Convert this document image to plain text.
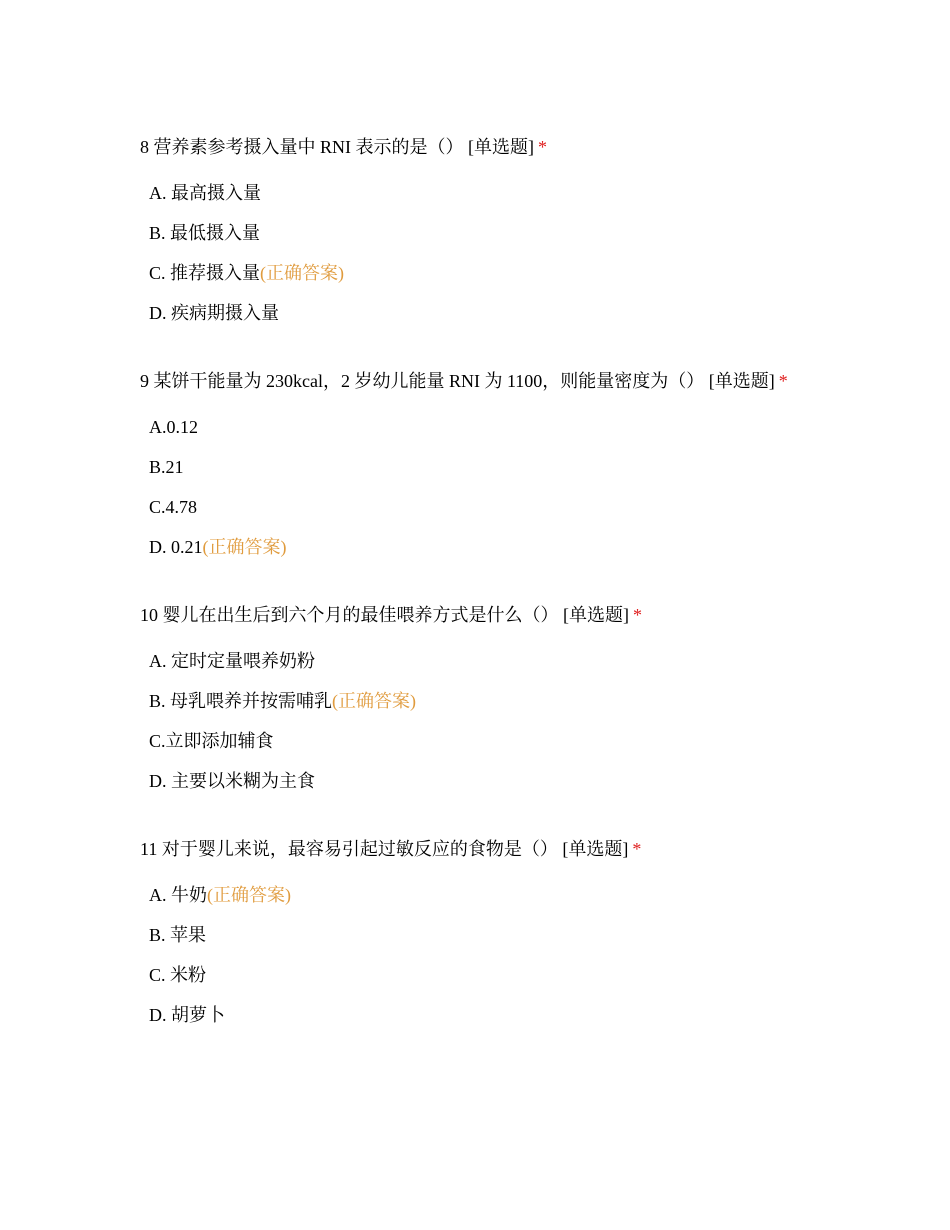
8 营养素参考摄入量中 RNI 表示的是（） [单选题] *
A. 最高摄入量
B. 最低摄入量
C. 推荐摄入量(正确答案)
D. 疾病期摄入量
9 某饼干能量为 230kcal，2 岁幼儿能量 RNI 为 1100，则能量密度为（） [单选题] *
A.0.12
B.21
C.4.78
D. 0.21(正确答案)
10 婴儿在出生后到六个月的最佳喂养方式是什么（） [单选题] *
A. 定时定量喂养奶粉
B. 母乳喂养并按需哺乳(正确答案)
C.立即添加辅食
D. 主要以米糊为主食
11 对于婴儿来说，最容易引起过敏反应的食物是（） [单选题] *
A. 牛奶(正确答案)
B. 苹果
C. 米粉
D. 胡萝卜
